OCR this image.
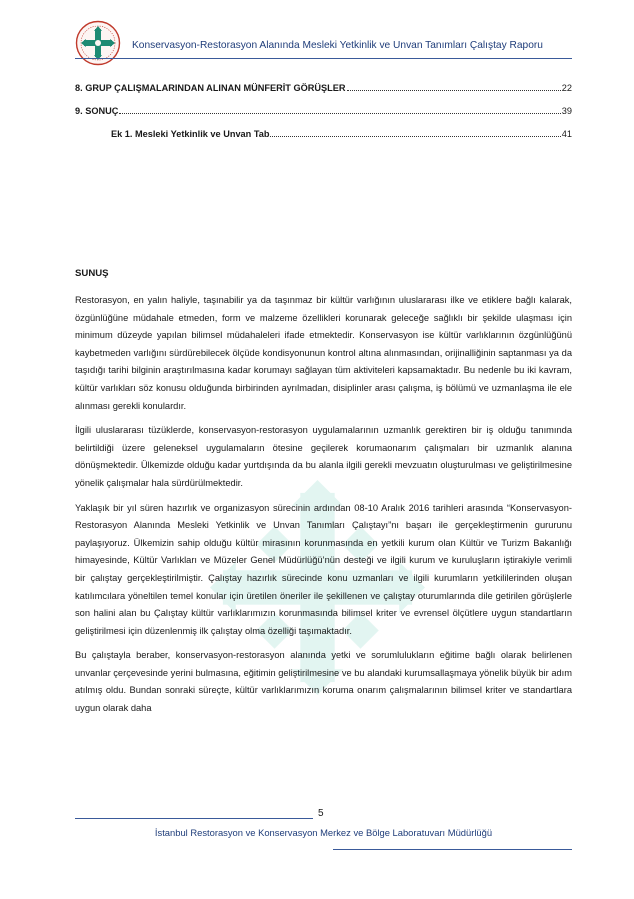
Konservasyon-Restorasyon Alanında Mesleki Yetkinlik ve Unvan Tanımları Çalıştay Raporu
8. GRUP ÇALIŞMALARINDAN ALINAN MÜNFERİT GÖRÜŞLER	22
9. SONUÇ	39
Ek 1. Mesleki Yetkinlik ve Unvan Tab	41
SUNUŞ

Restorasyon, en yalın haliyle, taşınabilir ya da taşınmaz bir kültür varlığının uluslararası ilke ve etiklere bağlı kalarak, özgünlüğüne müdahale etmeden, form ve malzeme özellikleri korunarak geleceğe sağlıklı bir şekilde ulaşması için minimum düzeyde yapılan bilimsel müdahaleleri ifade etmektedir. Konservasyon ise kültür varlıklarının özgünlüğünü kaybetmeden varlığını sürdürebilecek ölçüde kondisyonunun kontrol altına alınmasından, orijinalliğinin saptanması ya da taşıdığı tarihi bilginin araştırılmasına kadar korumayı sağlayan tüm aktiviteleri kapsamaktadır. Bu nedenle bu iki kavram, kültür varlıkları söz konusu olduğunda birbirinden ayrılmadan, disiplinler arası çalışma, iş bölümü ve uzmanlaşma ile ele alınması gerekli konulardır.

İlgili uluslararası tüzüklerde, konservasyon-restorasyon uygulamalarının uzmanlık gerektiren bir iş olduğu tanımında belirtildiği üzere geleneksel uygulamaların ötesine geçilerek korumaonarım çalışmaları bir uzmanlık alanına dönüşmektedir. Ülkemizde olduğu kadar yurtdışında da bu alanla ilgili gerekli mevzuatın oluşturulması ve geliştirilmesine yönelik çalışmalar hala sürdürülmektedir.

Yaklaşık bir yıl süren hazırlık ve organizasyon sürecinin ardından 08-10 Aralık 2016 tarihleri arasında “Konservasyon-Restorasyon Alanında Mesleki Yetkinlik ve Unvan Tanımları Çalıştayı”nı başarı ile gerçekleştirmenin gururunu paylaşıyoruz. Ülkemizin sahip olduğu kültür mirasının korunmasında en yetkili kurum olan Kültür ve Turizm Bakanlığı himayesinde, Kültür Varlıkları ve Müzeler Genel Müdürlüğü’nün desteği ve ilgili kurum ve kuruluşların iştirakiyle verimli bir çalıştay gerçekleştirilmiştir. Çalıştay hazırlık sürecinde konu uzmanları ve ilgili kurumların yetkililerinden oluşan katılımcılara yöneltilen temel konular için üretilen öneriler ile şekillenen ve çalıştay oturumlarında dile getirilen görüşlerle son halini alan bu Çalıştay kültür varlıklarımızın korunmasında bilimsel kriter ve evrensel ölçütlere uygun standartların geliştirilmesi için düzenlenmiş ilk çalıştay olma özelliği taşımaktadır.

Bu çalıştayla beraber, konservasyon-restorasyon alanında yetki ve sorumlulukların eğitime bağlı olarak belirlenen unvanlar çerçevesinde yerini bulmasına, eğitimin geliştirilmesine ve bu alandaki kurumsallaşmaya yönelik büyük bir adım atılmış oldu. Bundan sonraki süreçte, kültür varlıklarımızın koruma onarım çalışmalarının bilimsel kriter ve standartlara uygun olarak daha

5
İstanbul Restorasyon ve Konservasyon Merkez ve Bölge Laboratuvarı Müdürlüğü
